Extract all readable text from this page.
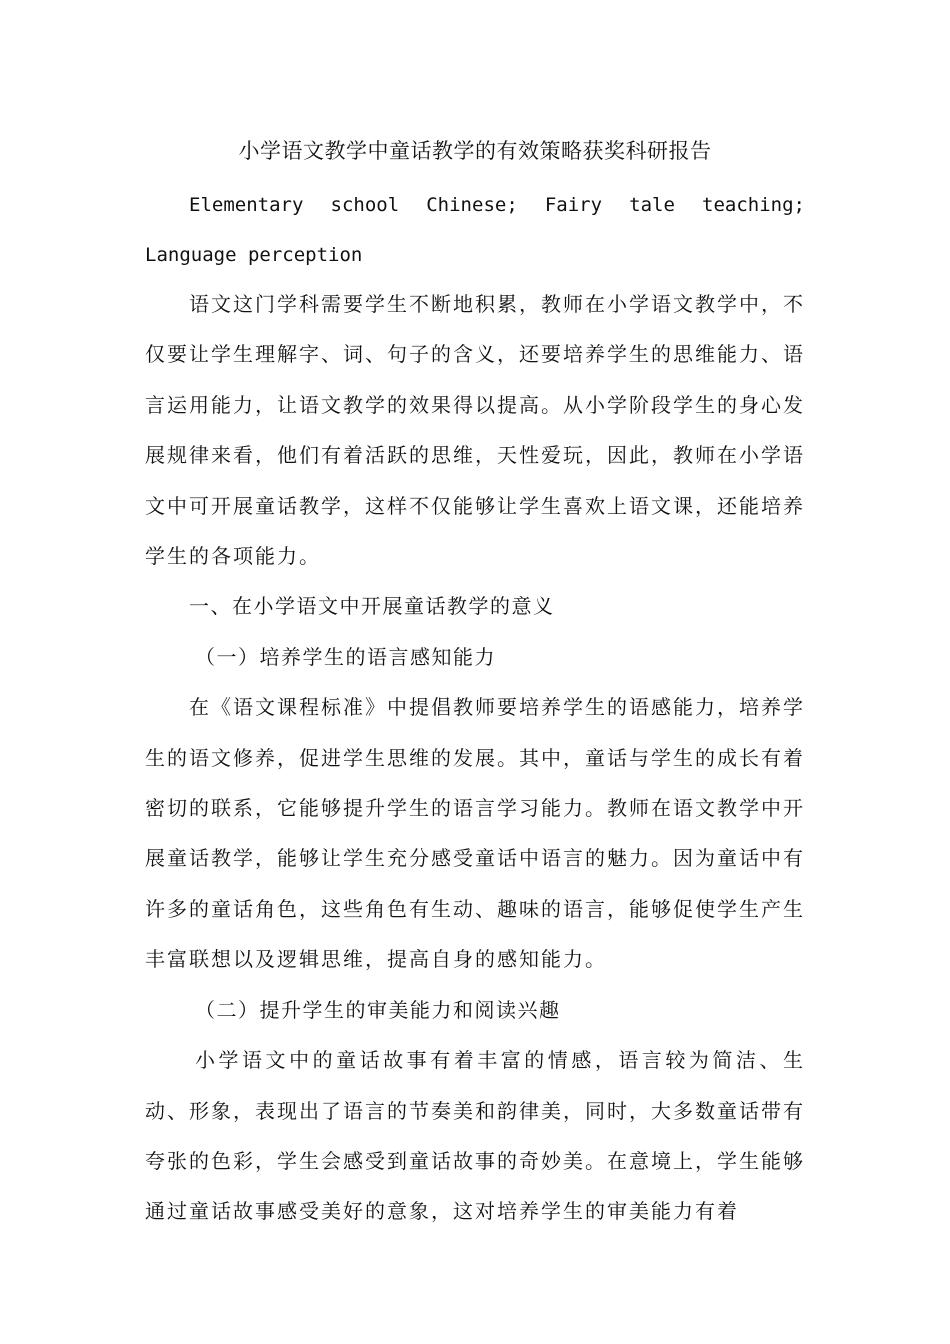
小学语文教学中童话教学的有效策略获奖科研报告

Elementary school Chinese; Fairy tale teaching; Language perception

语文这门学科需要学生不断地积累，教师在小学语文教学中，不仅要让学生理解字、词、句子的含义，还要培养学生的思维能力、语言运用能力，让语文教学的效果得以提高。从小学阶段学生的身心发展规律来看，他们有着活跃的思维，天性爱玩，因此，教师在小学语文中可开展童话教学，这样不仅能够让学生喜欢上语文课，还能培养学生的各项能力。

一、在小学语文中开展童话教学的意义

（一）培养学生的语言感知能力

在《语文课程标准》中提倡教师要培养学生的语感能力，培养学生的语文修养，促进学生思维的发展。其中，童话与学生的成长有着密切的联系，它能够提升学生的语言学习能力。教师在语文教学中开展童话教学，能够让学生充分感受童话中语言的魅力。因为童话中有许多的童话角色，这些角色有生动、趣味的语言，能够促使学生产生丰富联想以及逻辑思维，提高自身的感知能力。

（二）提升学生的审美能力和阅读兴趣

小学语文中的童话故事有着丰富的情感，语言较为简洁、生动、形象，表现出了语言的节奏美和韵律美，同时，大多数童话带有夸张的色彩，学生会感受到童话故事的奇妙美。在意境上，学生能够通过童话故事感受美好的意象，这对培养学生的审美能力有着
